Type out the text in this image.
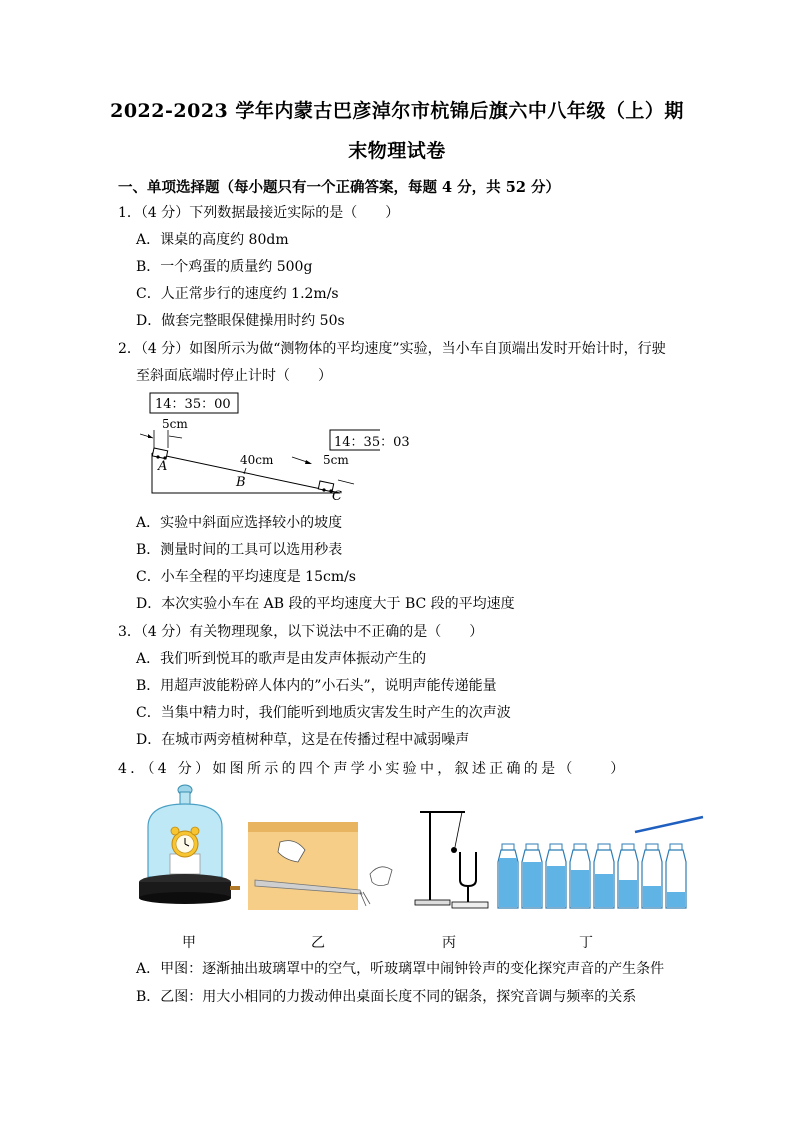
2022-2023 学年内蒙古巴彦淖尔市杭锦后旗六中八年级（上）期
末物理试卷
一、单项选择题（每小题只有一个正确答案，每题 4 分，共 52 分）
1．（4 分）下列数据最接近实际的是（　　）
A．课桌的高度约 80dm
B．一个鸡蛋的质量约 500g
C．人正常步行的速度约 1.2m/s
D．做套完整眼保健操用时约 50s
2．（4 分）如图所示为做“测物体的平均速度”实验，当小车自顶端出发时开始计时，行驶
至斜面底端时停止计时（　　）
14：35：00
5cm
A	40cm
B
5cm
C
14：35：03
A．实验中斜面应选择较小的坡度
B．测量时间的工具可以选用秒表
C．小车全程的平均速度是 15cm/s
D．本次实验小车在 AB 段的平均速度大于 BC 段的平均速度
3．（4 分）有关物理现象，以下说法中不正确的是（　　）
A．我们听到悦耳的歌声是由发声体振动产生的
B．用超声波能粉碎人体内的”小石头”，说明声能传递能量
C．当集中精力时，我们能听到地质灾害发生时产生的次声波
D．在城市两旁植树种草，这是在传播过程中减弱噪声
4．（4 分）如图所示的四个声学小实验中，叙述正确的是（　　）
甲	乙	丙	丁
A．甲图：逐渐抽出玻璃罩中的空气，听玻璃罩中闹钟铃声的变化探究声音的产生条件
B．乙图：用大小相同的力拨动伸出桌面长度不同的锯条，探究音调与频率的关系
